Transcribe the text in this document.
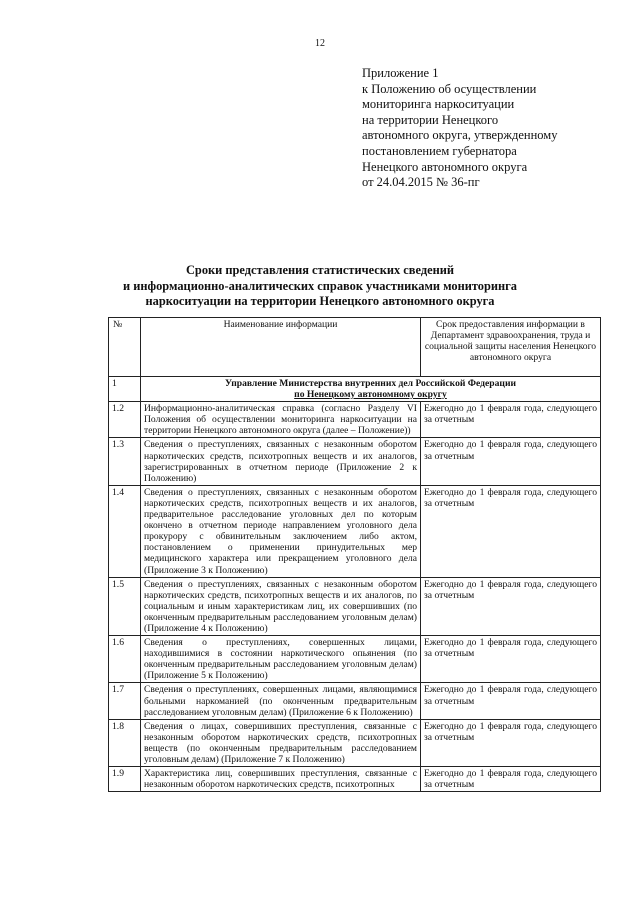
12
Приложение 1
к Положению об осуществлении
мониторинга наркоситуации
на территории Ненецкого
автономного округа, утвержденному
постановлением губернатора
Ненецкого автономного округа
от 24.04.2015 № 36-пг
Сроки представления статистических сведений
и информационно-аналитических справок участниками мониторинга
наркоситуации на территории Ненецкого автономного округа
№	Наименование информации	Срок предоставления информации в Департамент здравоохранения, труда и социальной защиты населения Ненецкого автономного округа
1	Управление Министерства внутренних дел Российской Федерации
по Ненецкому автономному округу	

1.2	Информационно-аналитическая справка (согласно Разделу VI Положения об осуществлении мониторинга наркоситуации на территории Ненецкого автономного округа (далее – Положение))	Ежегодно до 1 февраля года, следующего за отчетным
1.3	Сведения о преступлениях, связанных с незаконным оборотом наркотических средств, психотропных веществ и их аналогов, зарегистрированных в отчетном периоде (Приложение 2 к Положению)	Ежегодно до 1 февраля года, следующего за отчетным
1.4	Сведения о преступлениях, связанных с незаконным оборотом наркотических средств, психотропных веществ и их аналогов, предварительное расследование уголовных дел по которым окончено в отчетном периоде направлением уголовного дела прокурору с обвинительным заключением либо актом, постановлением о применении принудительных мер медицинского характера или прекращением уголовного дела (Приложение 3 к Положению)	Ежегодно до 1 февраля года, следующего за отчетным
1.5	Сведения о преступлениях, связанных с незаконным оборотом наркотических средств, психотропных веществ и их аналогов, по социальным и иным характеристикам лиц, их совершивших (по оконченным предварительным расследованием уголовным делам) (Приложение 4 к Положению)	Ежегодно до 1 февраля года, следующего за отчетным
1.6	Сведения о преступлениях, совершенных лицами, находившимися в состоянии наркотического опьянения (по оконченным предварительным расследованием уголовным делам) (Приложение 5 к Положению)	Ежегодно до 1 февраля года, следующего за отчетным
1.7	Сведения о преступлениях, совершенных лицами, являющимися больными наркоманией (по оконченным предварительным расследованием уголовным делам) (Приложение 6 к Положению)	Ежегодно до 1 февраля года, следующего за отчетным
1.8	Сведения о лицах, совершивших преступления, связанные с незаконным оборотом наркотических средств, психотропных веществ (по оконченным предварительным расследованием уголовным делам) (Приложение 7 к Положению)	Ежегодно до 1 февраля года, следующего за отчетным
1.9	Характеристика лиц, совершивших преступления, связанные с незаконным оборотом наркотических средств, психотропных	Ежегодно до 1 февраля года, следующего за отчетным
